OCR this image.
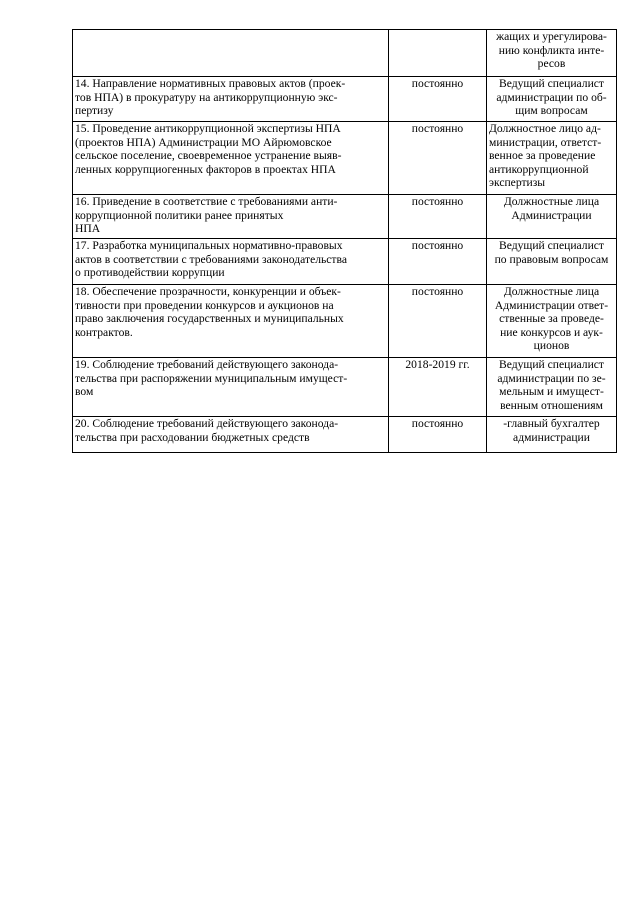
		жащих и урегулирова-
нию конфликта инте-
ресов

14. Направление нормативных правовых актов (проек-
тов НПА) в прокуратуру на антикоррупционную экс-
пертизу	постоянно	Ведущий специалист
администрации по об-
щим вопросам

15. Проведение антикоррупционной экспертизы НПА
(проектов НПА) Администрации МО Айрюмовское
сельское поселение, своевременное устранение выяв-
ленных коррупциогенных факторов в проектах НПА	постоянно	Должностное лицо ад-
министрации, ответст-
венное за проведение
антикоррупционной
экспертизы

16. Приведение в соответствие с требованиями анти-
коррупционной политики ранее принятых
НПА	постоянно	Должностные лица
Администрации

17. Разработка муниципальных нормативно-правовых
актов в соответствии с требованиями законодательства
о противодействии коррупции	постоянно	Ведущий специалист
по правовым вопросам

18. Обеспечение прозрачности, конкуренции и объек-
тивности при проведении конкурсов и аукционов на
право заключения государственных и муниципальных
контрактов.	постоянно	Должностные лица
Администрации ответ-
ственные за проведе-
ние конкурсов и аук-
ционов

19. Соблюдение требований действующего законода-
тельства при распоряжении муниципальным имущест-
вом	2018-2019 гг.	Ведущий специалист
администрации по зе-
мельным и имущест-
венным отношениям

20. Соблюдение требований действующего законода-
тельства при расходовании бюджетных средств	постоянно	-главный бухгалтер
администрации
